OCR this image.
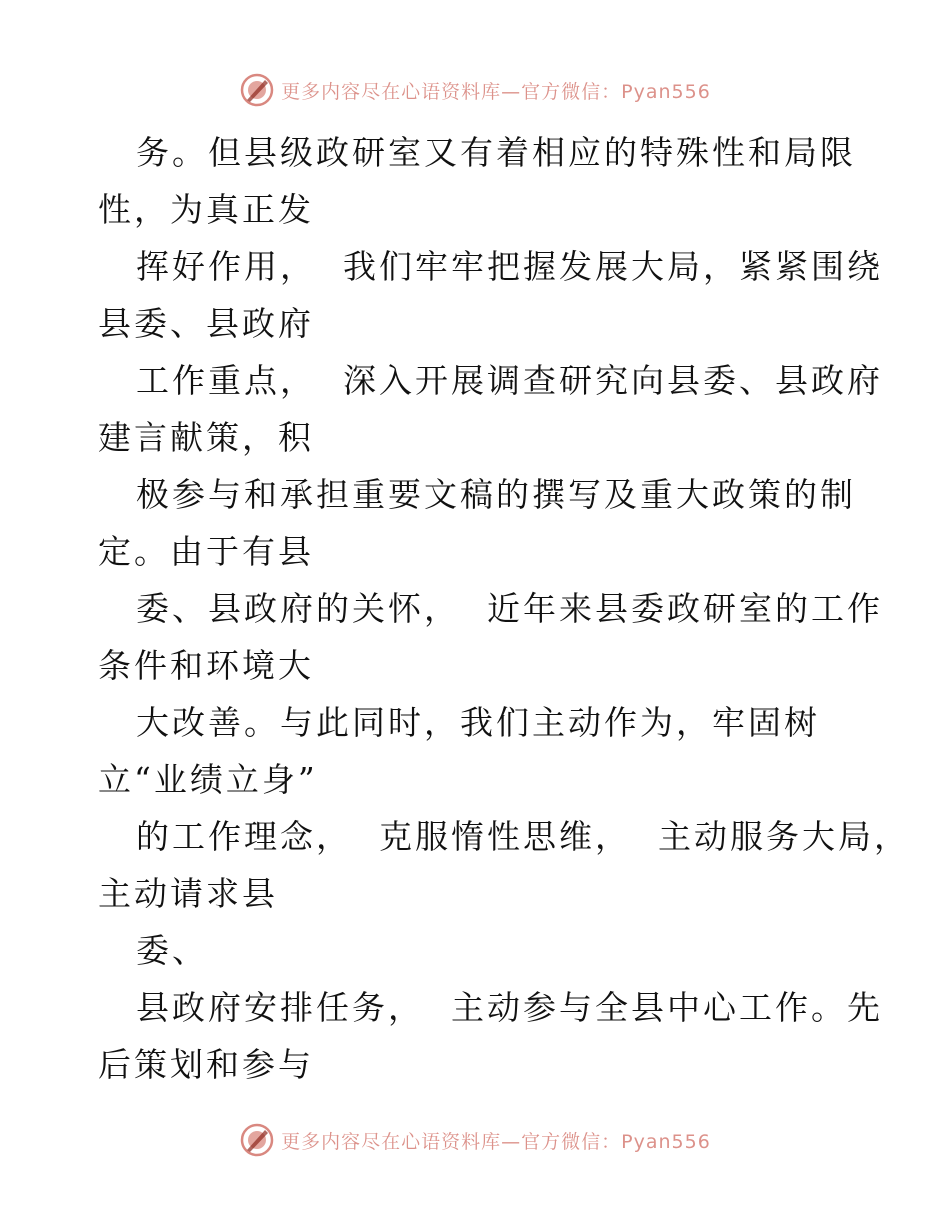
更多内容尽在心语资料库—官方微信：Pyan556
务。但县级政研室又有着相应的特殊性和局限
性，为真正发
挥好作用，  我们牢牢把握发展大局，紧紧围绕
县委、县政府
工作重点，  深入开展调查研究向县委、县政府
建言献策，积
极参与和承担重要文稿的撰写及重大政策的制
定。由于有县
委、县政府的关怀，  近年来县委政研室的工作
条件和环境大
大改善。与此同时，我们主动作为，牢固树
立“业绩立身”
的工作理念，  克服惰性思维，  主动服务大局，
主动请求县
委、
县政府安排任务，  主动参与全县中心工作。先
后策划和参与
更多内容尽在心语资料库—官方微信：Pyan556
